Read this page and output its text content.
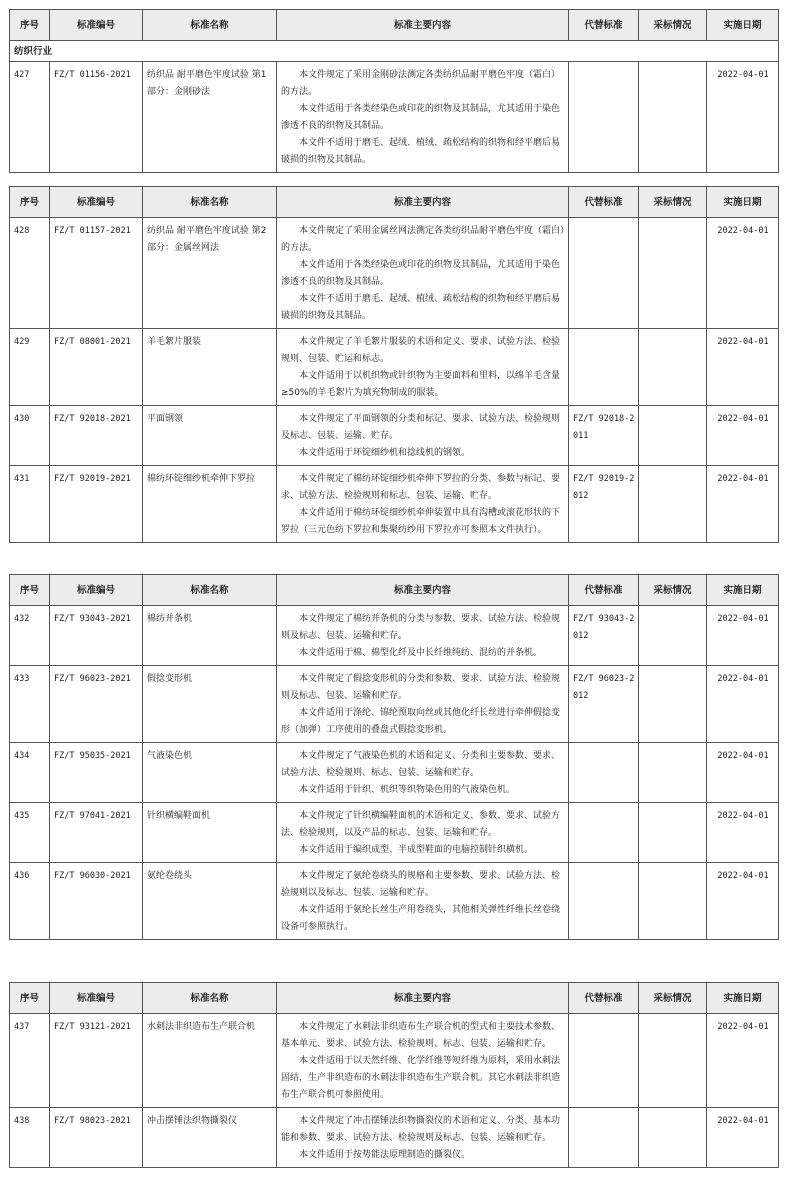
序号	标准编号	标准名称	标准主要内容	代替标准	采标情况	实施日期
纺织行业						
427	FZ/T 01156-2021	纺织品 耐平磨色牢度试验 第1部分：金刚砂法	本文件规定了采用金刚砂法测定各类纺织品耐平磨色牢度（霜白）的方法。
本文件适用于各类经染色或印花的织物及其制品，尤其适用于染色渗透不良的织物及其制品。
本文件不适用于磨毛、起绒、植绒、疏松结构的织物和经平磨后易破损的织物及其制品。			2022-04-01
序号	标准编号	标准名称	标准主要内容	代替标准	采标情况	实施日期
428	FZ/T 01157-2021	纺织品 耐平磨色牢度试验 第2部分：金属丝网法	本文件规定了采用金属丝网法测定各类纺织品耐平磨色牢度（霜白）的方法。
本文件适用于各类经染色或印花的织物及其制品，尤其适用于染色渗透不良的织物及其制品。
本文件不适用于磨毛、起绒、植绒、疏松结构的织物和经平磨后易破损的织物及其制品。			2022-04-01
429	FZ/T 08001-2021	羊毛絮片服装	本文件规定了羊毛絮片服装的术语和定义、要求、试验方法、检验规则、包装、贮运和标志。
本文件适用于以机织物或针织物为主要面料和里料，以绵羊毛含量≥50%的羊毛絮片为填充物制成的服装。			2022-04-01
430	FZ/T 92018-2021	平面钢领	本文件规定了平面钢领的分类和标记、要求、试验方法、检验规则及标志、包装、运输、贮存。
本文件适用于环锭细纱机和捻线机的钢领。	FZ/T 92018-2011		2022-04-01
431	FZ/T 92019-2021	棉纺环锭细纱机牵伸下罗拉	本文件规定了棉纺环锭细纱机牵伸下罗拉的分类、参数与标记、要求、试验方法、检验规则和标志、包装、运输、贮存。
本文件适用于棉纺环锭细纱机牵伸装置中具有沟槽或滚花形状的下罗拉（三元色纺下罗拉和集聚纺纱用下罗拉亦可参照本文件执行）。	FZ/T 92019-2012		2022-04-01
序号	标准编号	标准名称	标准主要内容	代替标准	采标情况	实施日期
432	FZ/T 93043-2021	棉纺并条机	本文件规定了棉纺并条机的分类与参数、要求、试验方法、检验规则及标志、包装、运输和贮存。
本文件适用于棉、棉型化纤及中长纤维纯纺、混纺的并条机。	FZ/T 93043-2012		2022-04-01
433	FZ/T 96023-2021	假捻变形机	本文件规定了假捻变形机的分类和参数、要求、试验方法、检验规则及标志、包装、运输和贮存。
本文件适用于涤纶、锦纶预取向丝或其他化纤长丝进行牵伸假捻变形（加弹）工序使用的叠盘式假捻变形机。	FZ/T 96023-2012		2022-04-01
434	FZ/T 95035-2021	气液染色机	本文件规定了气液染色机的术语和定义、分类和主要参数、要求、试验方法、检验规则、标志、包装、运输和贮存。
本文件适用于针织、机织等织物染色用的气液染色机。			2022-04-01
435	FZ/T 97041-2021	针织横编鞋面机	本文件规定了针织横编鞋面机的术语和定义、参数、要求、试验方法、检验规则，以及产品的标志、包装、运输和贮存。
本文件适用于编织成型、半成型鞋面的电脑控制针织横机。			2022-04-01
436	FZ/T 96030-2021	氨纶卷绕头	本文件规定了氨纶卷绕头的规格和主要参数、要求、试验方法、检验规则以及标志、包装、运输和贮存。
本文件适用于氨纶长丝生产用卷绕头，其他相关弹性纤维长丝卷绕设备可参照执行。			2022-04-01
序号	标准编号	标准名称	标准主要内容	代替标准	采标情况	实施日期
437	FZ/T 93121-2021	水刺法非织造布生产联合机	本文件规定了水刺法非织造布生产联合机的型式和主要技术参数、基本单元、要求、试验方法、检验规则、标志、包装、运输和贮存。
本文件适用于以天然纤维、化学纤维等短纤维为原料，采用水刺法固结，生产非织造布的水刺法非织造布生产联合机。其它水刺法非织造布生产联合机可参照使用。			2022-04-01
438	FZ/T 98023-2021	冲击摆锤法织物撕裂仪	本文件规定了冲击摆锤法织物撕裂仪的术语和定义、分类、基本功能和参数、要求、试验方法、检验规则及标志、包装、运输和贮存。
本文件适用于按势能法原理制造的撕裂仪。			2022-04-01
